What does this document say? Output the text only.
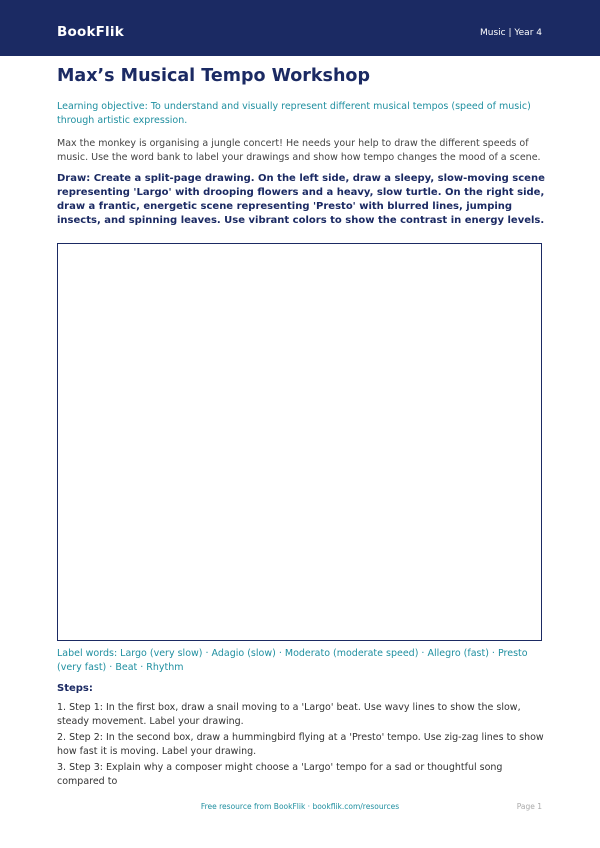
BookFlik	Music | Year 4
Max’s Musical Tempo Workshop
Learning objective: To understand and visually represent different musical tempos (speed of music) through artistic expression.
Max the monkey is organising a jungle concert! He needs your help to draw the different speeds of music. Use the word bank to label your drawings and show how tempo changes the mood of a scene.
Draw: Create a split-page drawing. On the left side, draw a sleepy, slow-moving scene representing 'Largo' with drooping flowers and a heavy, slow turtle. On the right side, draw a frantic, energetic scene representing 'Presto' with blurred lines, jumping insects, and spinning leaves. Use vibrant colors to show the contrast in energy levels.
Label words: Largo (very slow) · Adagio (slow) · Moderato (moderate speed) · Allegro (fast) · Presto (very fast) · Beat · Rhythm
Steps:
1. Step 1: In the first box, draw a snail moving to a 'Largo' beat. Use wavy lines to show the slow, steady movement. Label your drawing.
2. Step 2: In the second box, draw a hummingbird flying at a 'Presto' tempo. Use zig-zag lines to show how fast it is moving. Label your drawing.
3. Step 3: Explain why a composer might choose a 'Largo' tempo for a sad or thoughtful song compared to
Free resource from BookFlik · bookflik.com/resources	Page 1
